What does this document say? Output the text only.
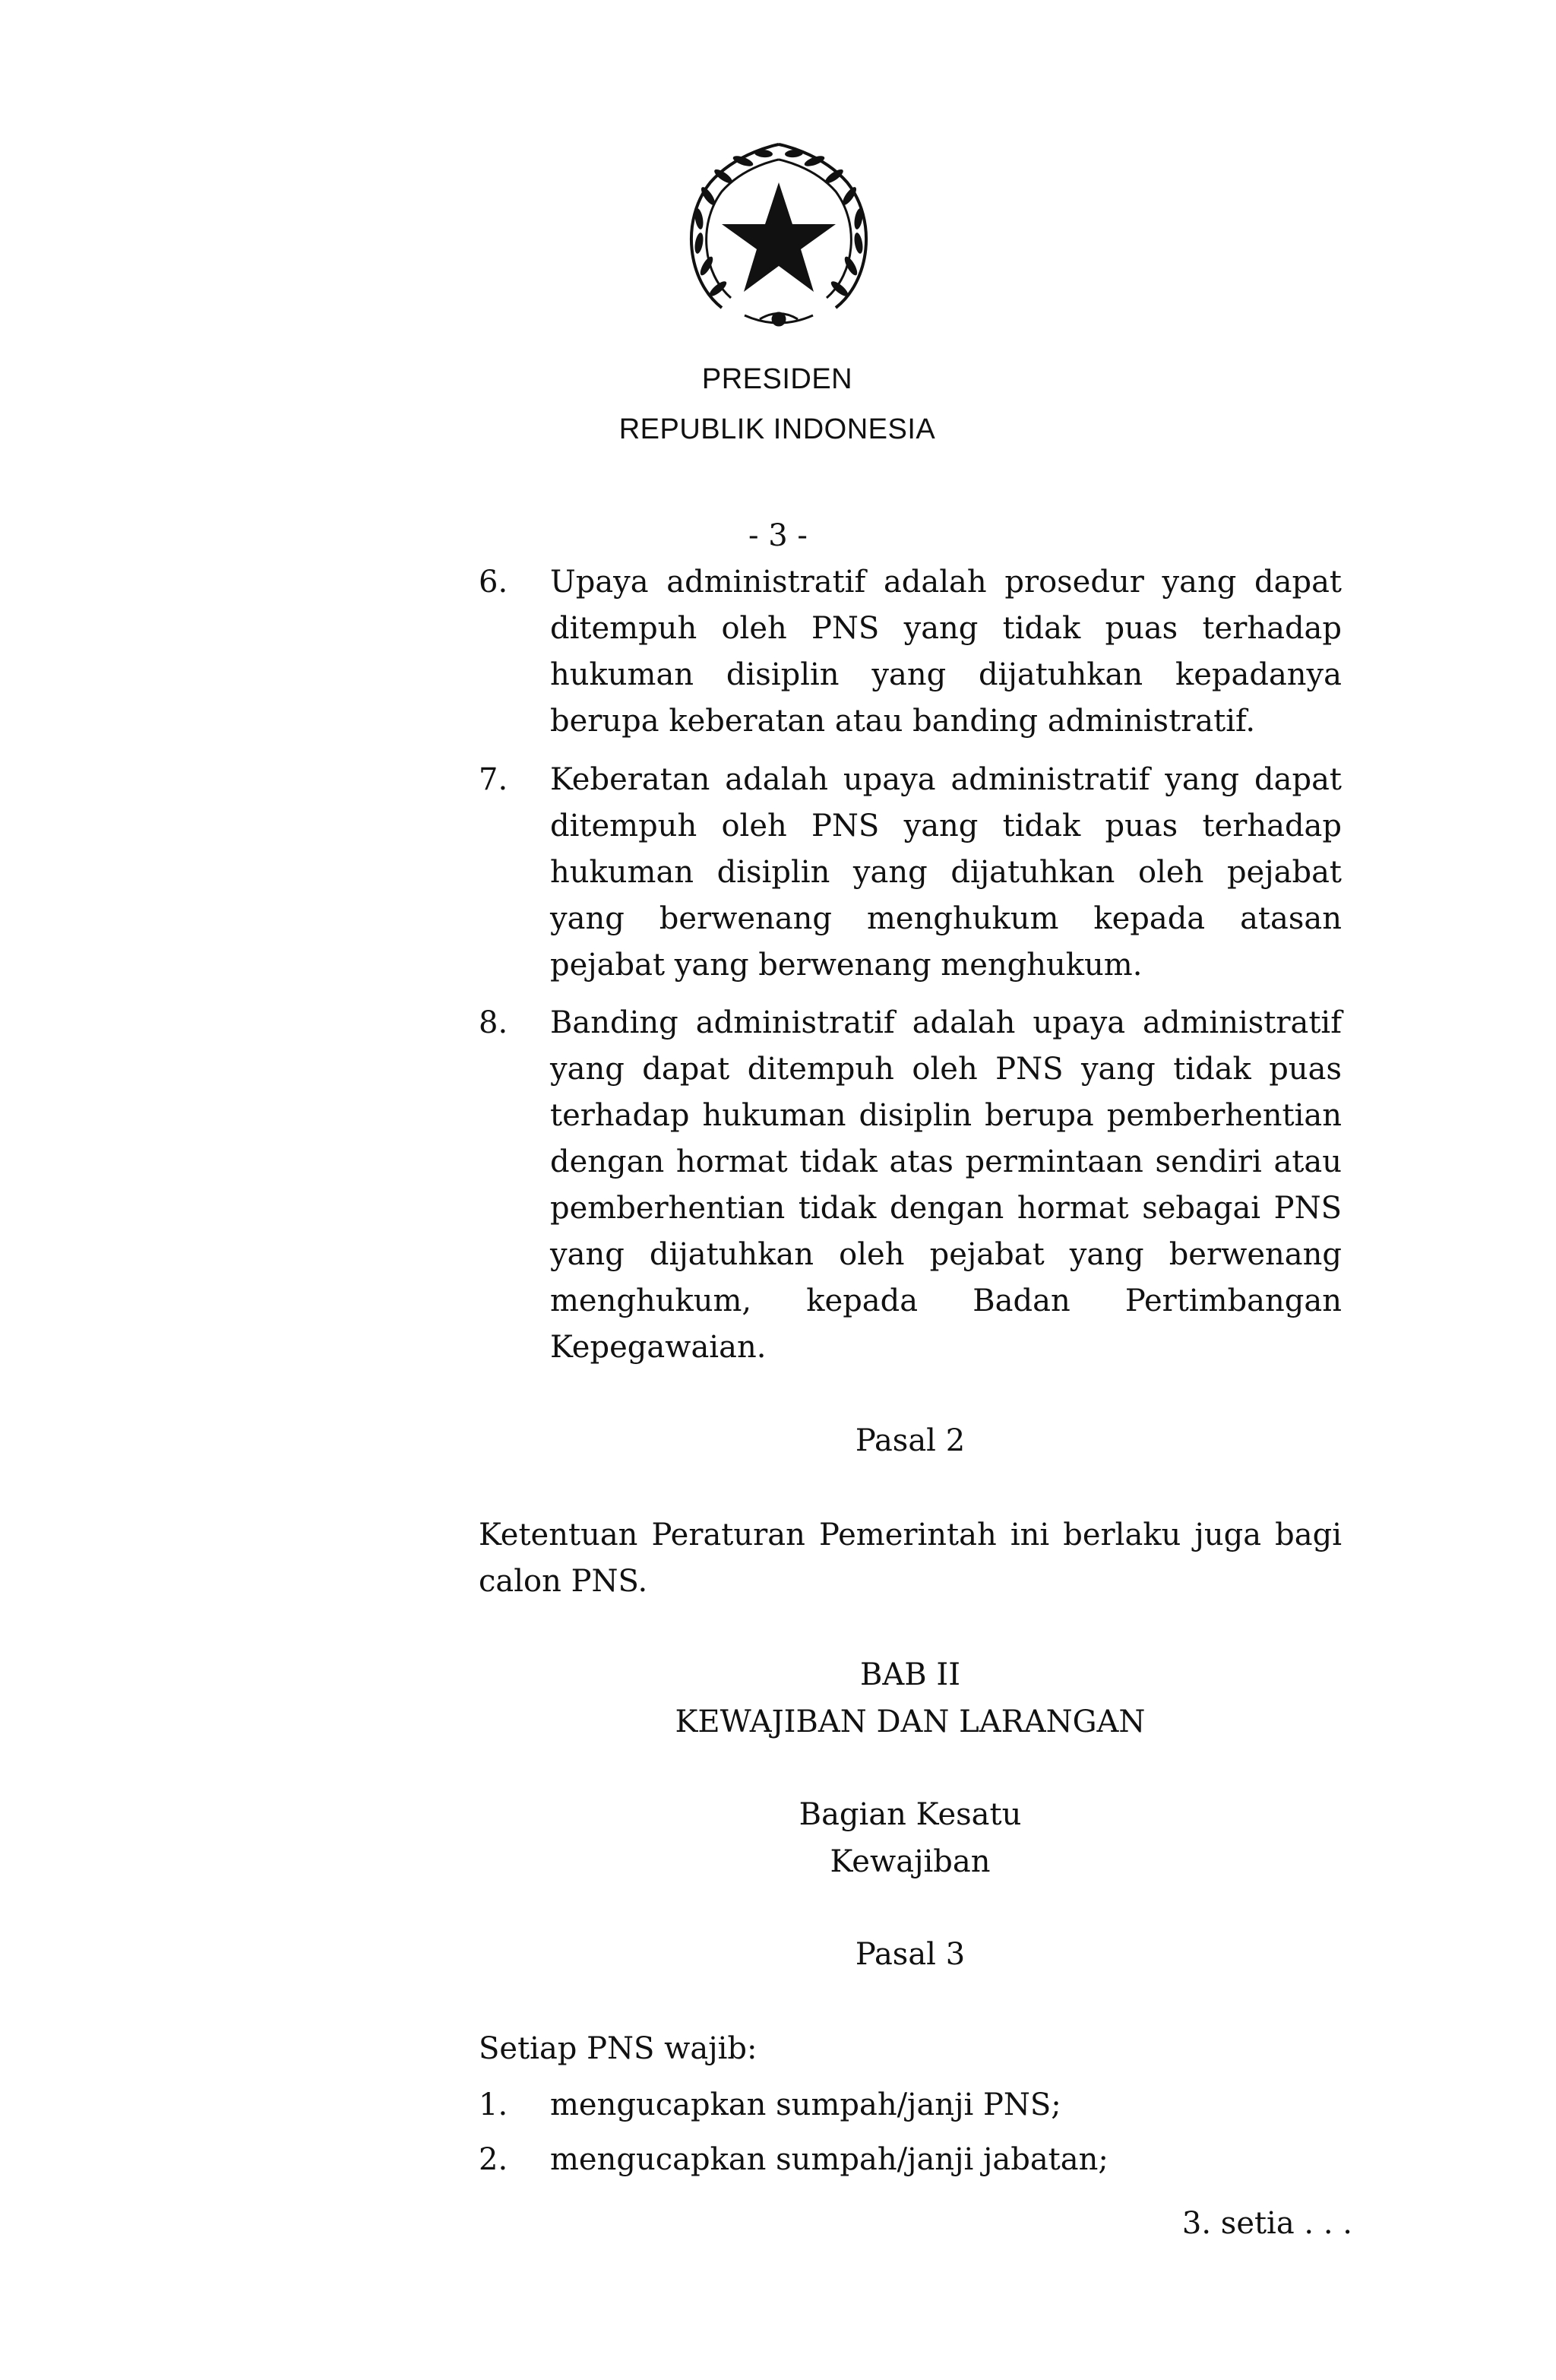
PRESIDEN
REPUBLIK INDONESIA
- 3 -
6.	Upaya administratif adalah prosedur yang dapat ditempuh oleh PNS yang tidak puas terhadap hukuman disiplin yang dijatuhkan kepadanya berupa keberatan atau banding administratif.
7.	Keberatan adalah upaya administratif yang dapat ditempuh oleh PNS yang tidak puas terhadap hukuman disiplin yang dijatuhkan oleh pejabat yang berwenang menghukum kepada atasan pejabat yang berwenang menghukum.
8.	Banding administratif adalah upaya administratif yang dapat ditempuh oleh PNS yang tidak puas terhadap hukuman disiplin berupa pemberhentian dengan hormat tidak atas permintaan sendiri atau pemberhentian tidak dengan hormat sebagai PNS yang dijatuhkan oleh pejabat yang berwenang menghukum, kepada Badan Pertimbangan Kepegawaian.
Pasal 2
Ketentuan Peraturan Pemerintah ini berlaku juga bagi calon PNS.
BAB II
KEWAJIBAN DAN LARANGAN
Bagian Kesatu
Kewajiban
Pasal 3
Setiap PNS wajib:
1.	mengucapkan sumpah/janji PNS;
2.	mengucapkan sumpah/janji jabatan;
3. setia . . .
